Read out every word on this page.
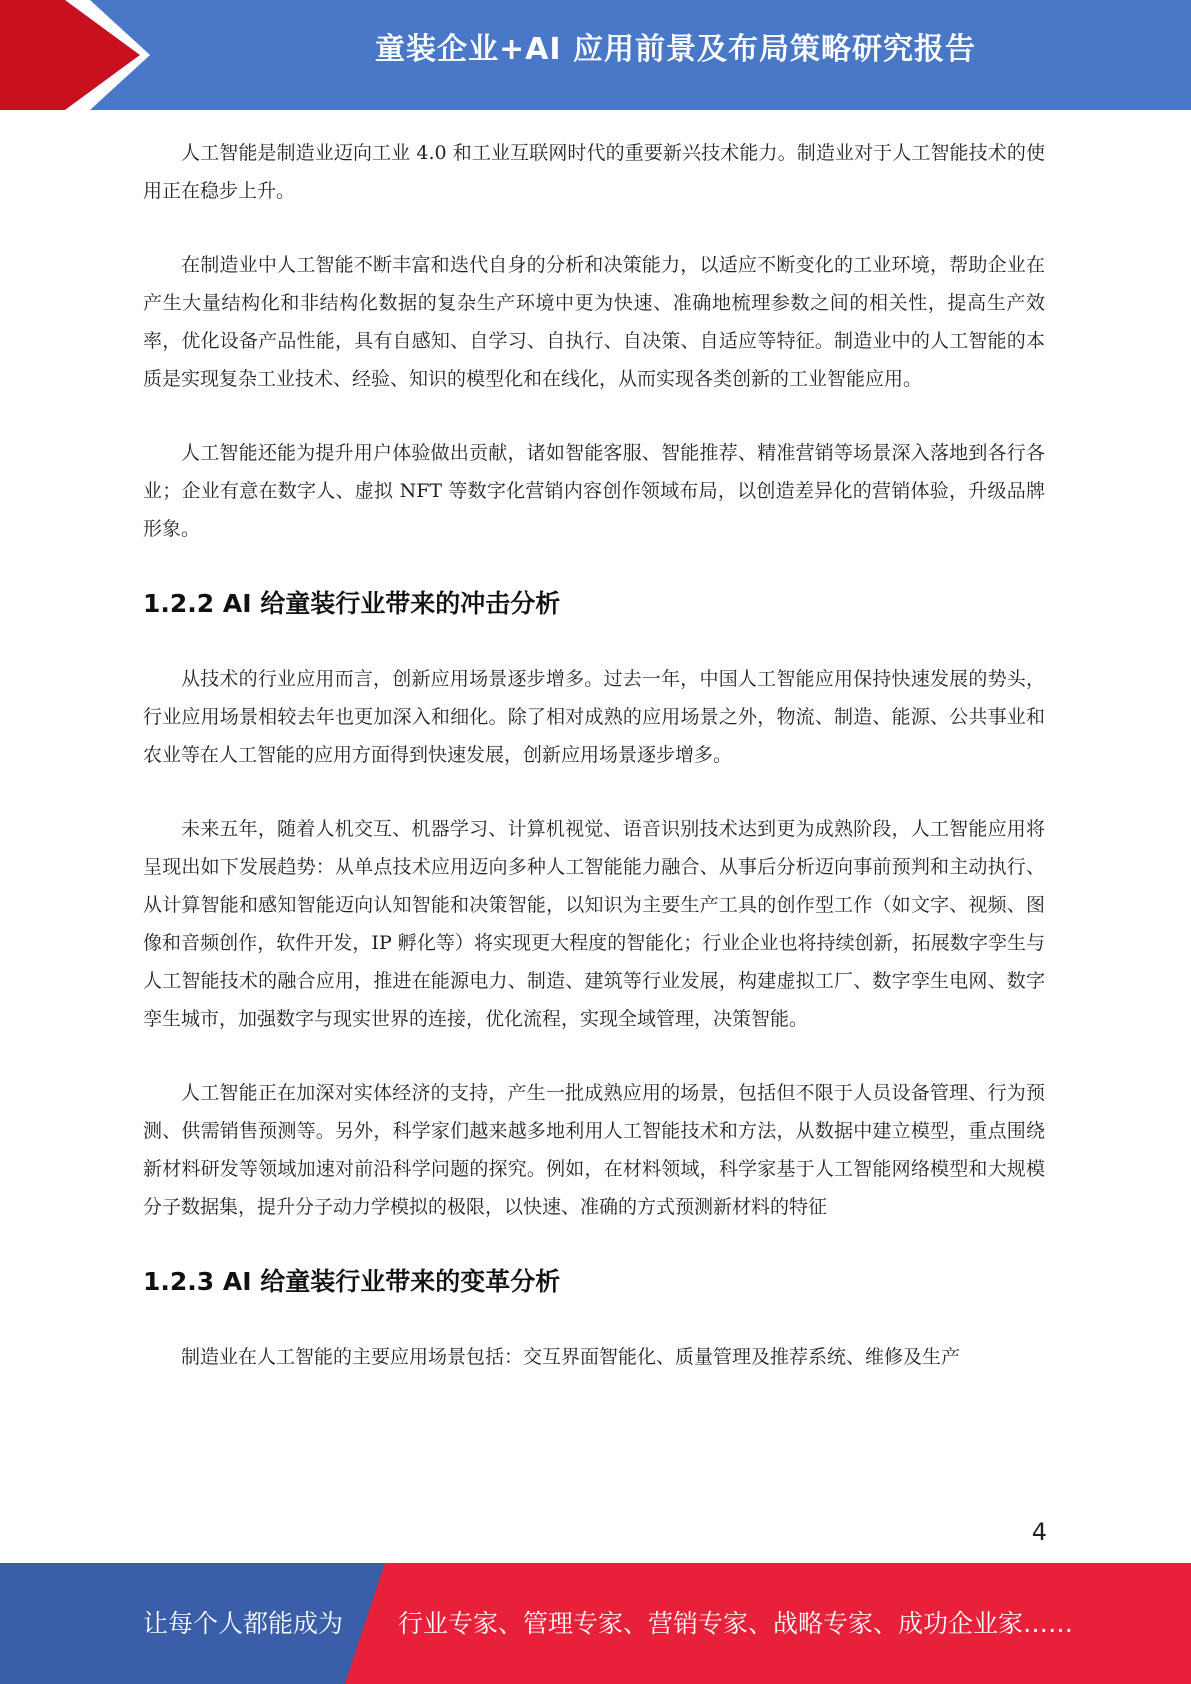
童装企业+AI 应用前景及布局策略研究报告

人工智能是制造业迈向工业 4.0 和工业互联网时代的重要新兴技术能力。制造业对于人工智能技术的使用正在稳步上升。

在制造业中人工智能不断丰富和迭代自身的分析和决策能力，以适应不断变化的工业环境，帮助企业在产生大量结构化和非结构化数据的复杂生产环境中更为快速、准确地梳理参数之间的相关性，提高生产效率，优化设备产品性能，具有自感知、自学习、自执行、自决策、自适应等特征。制造业中的人工智能的本质是实现复杂工业技术、经验、知识的模型化和在线化，从而实现各类创新的工业智能应用。

人工智能还能为提升用户体验做出贡献，诸如智能客服、智能推荐、精准营销等场景深入落地到各行各业；企业有意在数字人、虚拟 NFT 等数字化营销内容创作领域布局，以创造差异化的营销体验，升级品牌形象。

1.2.2 AI 给童装行业带来的冲击分析

从技术的行业应用而言，创新应用场景逐步增多。过去一年，中国人工智能应用保持快速发展的势头，行业应用场景相较去年也更加深入和细化。除了相对成熟的应用场景之外，物流、制造、能源、公共事业和农业等在人工智能的应用方面得到快速发展，创新应用场景逐步增多。

未来五年，随着人机交互、机器学习、计算机视觉、语音识别技术达到更为成熟阶段，人工智能应用将呈现出如下发展趋势：从单点技术应用迈向多种人工智能能力融合、从事后分析迈向事前预判和主动执行、从计算智能和感知智能迈向认知智能和决策智能，以知识为主要生产工具的创作型工作（如文字、视频、图像和音频创作，软件开发，IP 孵化等）将实现更大程度的智能化；行业企业也将持续创新，拓展数字孪生与人工智能技术的融合应用，推进在能源电力、制造、建筑等行业发展，构建虚拟工厂、数字孪生电网、数字孪生城市，加强数字与现实世界的连接，优化流程，实现全域管理，决策智能。

人工智能正在加深对实体经济的支持，产生一批成熟应用的场景，包括但不限于人员设备管理、行为预测、供需销售预测等。另外，科学家们越来越多地利用人工智能技术和方法，从数据中建立模型，重点围绕新材料研发等领域加速对前沿科学问题的探究。例如，在材料领域，科学家基于人工智能网络模型和大规模分子数据集，提升分子动力学模拟的极限，以快速、准确的方式预测新材料的特征

1.2.3 AI 给童装行业带来的变革分析

制造业在人工智能的主要应用场景包括：交互界面智能化、质量管理及推荐系统、维修及生产

4
让每个人都能成为 行业专家、管理专家、营销专家、战略专家、成功企业家……
